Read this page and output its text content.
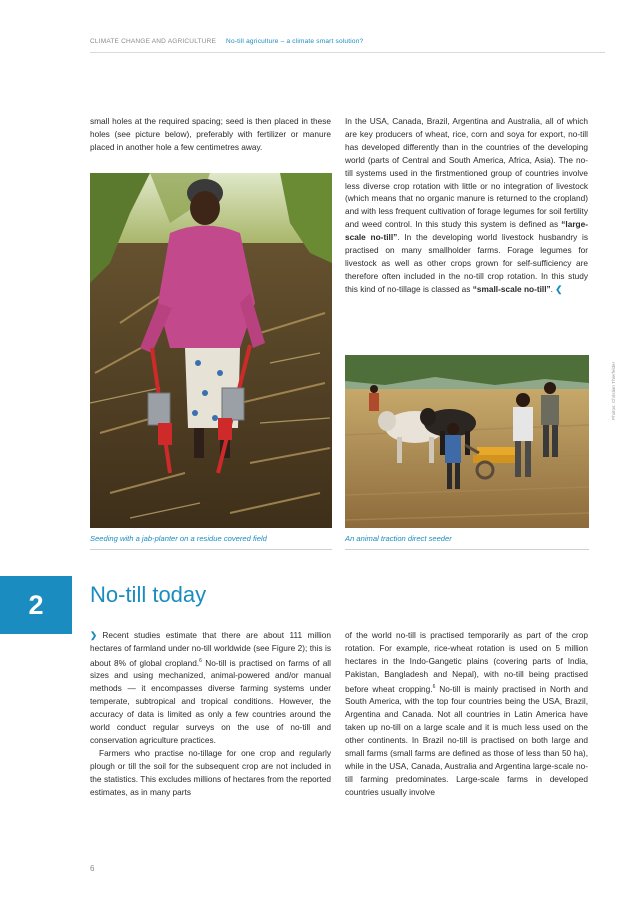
CLIMATE CHANGE AND AGRICULTURE No-till agriculture – a climate smart solution?

small holes at the required spacing; seed is then placed in these holes (see picture below), preferably with fertilizer or manure placed in another hole a few centimetres away.

In the USA, Canada, Brazil, Argentina and Australia, all of which are key producers of wheat, rice, corn and soya for export, no-till has developed differently than in the countries of the developing world (parts of Central and South America, Africa, Asia). The no-till systems used in the firstmentioned group of countries involve less diverse crop rotation with little or no integration of livestock (which means that no organic manure is returned to the cropland) and with less frequent cultivation of forage legumes for soil fertility and weed control. In this study this system is defined as “large-scale no-till”. In the developing world livestock husbandry is practised on many smallholder farms. Forage legumes for livestock as well as other crops grown for self-sufficiency are therefore often included in the no-till crop rotation. In this study this kind of no-tillage is classed as “small-scale no-till”. ❮

Seeding with a jab-planter on a residue covered field	An animal traction direct seeder
Photos: Christian Thierfelder
2 No-till today

❯ Recent studies estimate that there are about 111 million hectares of farmland under no-till worldwide (see Figure 2); this is about 8% of global cropland.$^6$ No-till is practised on farms of all sizes and using mechanized, animal-powered and/or manual methods — it encompasses diverse farming systems under temperate, subtropical and tropical conditions. However, the accuracy of data is limited as only a few countries around the world conduct regular surveys on the use of no-till and conservation agriculture practices.

Farmers who practise no-tillage for one crop and regularly plough or till the soil for the subsequent crop are not included in the statistics. This excludes millions of hectares from the reported estimates, as in many parts

of the world no-till is practised temporarily as part of the crop rotation. For example, rice-wheat rotation is used on 5 million hectares in the Indo-Gangetic plains (covering parts of India, Pakistan, Bangladesh and Nepal), with no-till being practised before wheat cropping.$^6$ No-till is mainly practised in North and South America, with the top four countries being the USA, Brazil, Argentina and Canada. Not all countries in Latin America have taken up no-till on a large scale and it is much less used on the other continents. In Brazil no-till is practised on both large and small farms (small farms are defined as those of less than 50 ha), while in the USA, Canada, Australia and Argentina large-scale no-till farming predominates. Large-scale farms in developed countries usually involve

6
